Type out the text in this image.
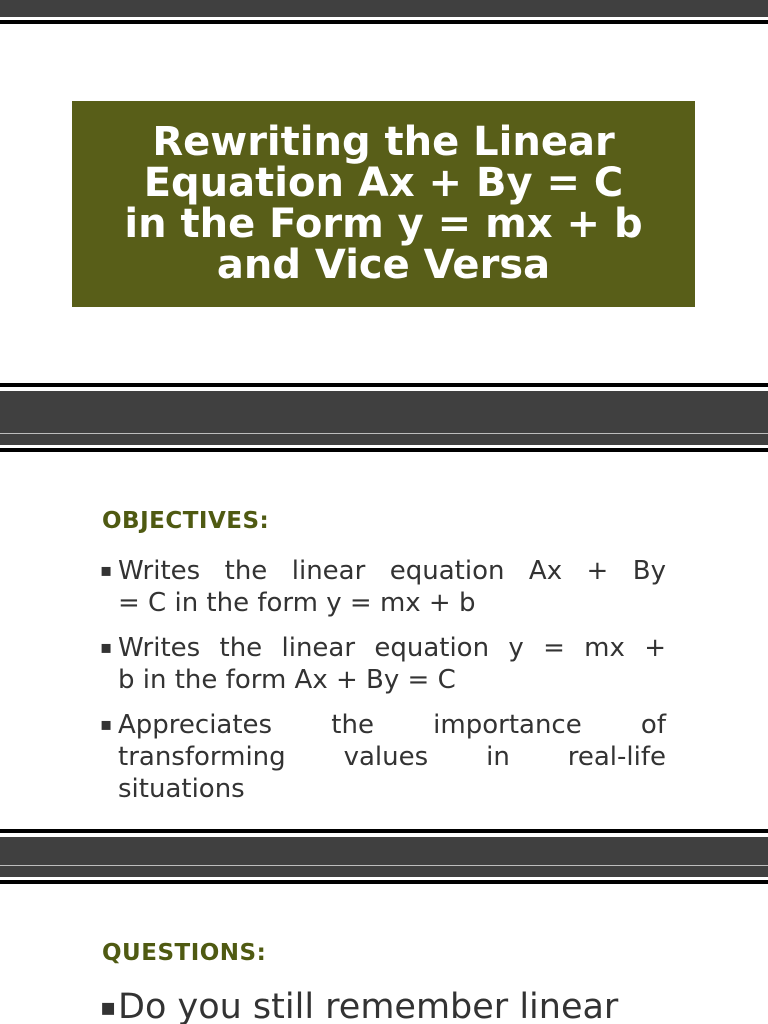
Rewriting the Linear
Equation Ax + By = C
in the Form y = mx + b
and Vice Versa
OBJECTIVES:
▪ Writes the linear equation Ax + By
= C in the form y = mx + b
▪ Writes the linear equation y = mx +
b in the form Ax + By = C
▪ Appreciates the importance of
transforming values in real-life
situations
QUESTIONS:
▪ Do you still remember linear
